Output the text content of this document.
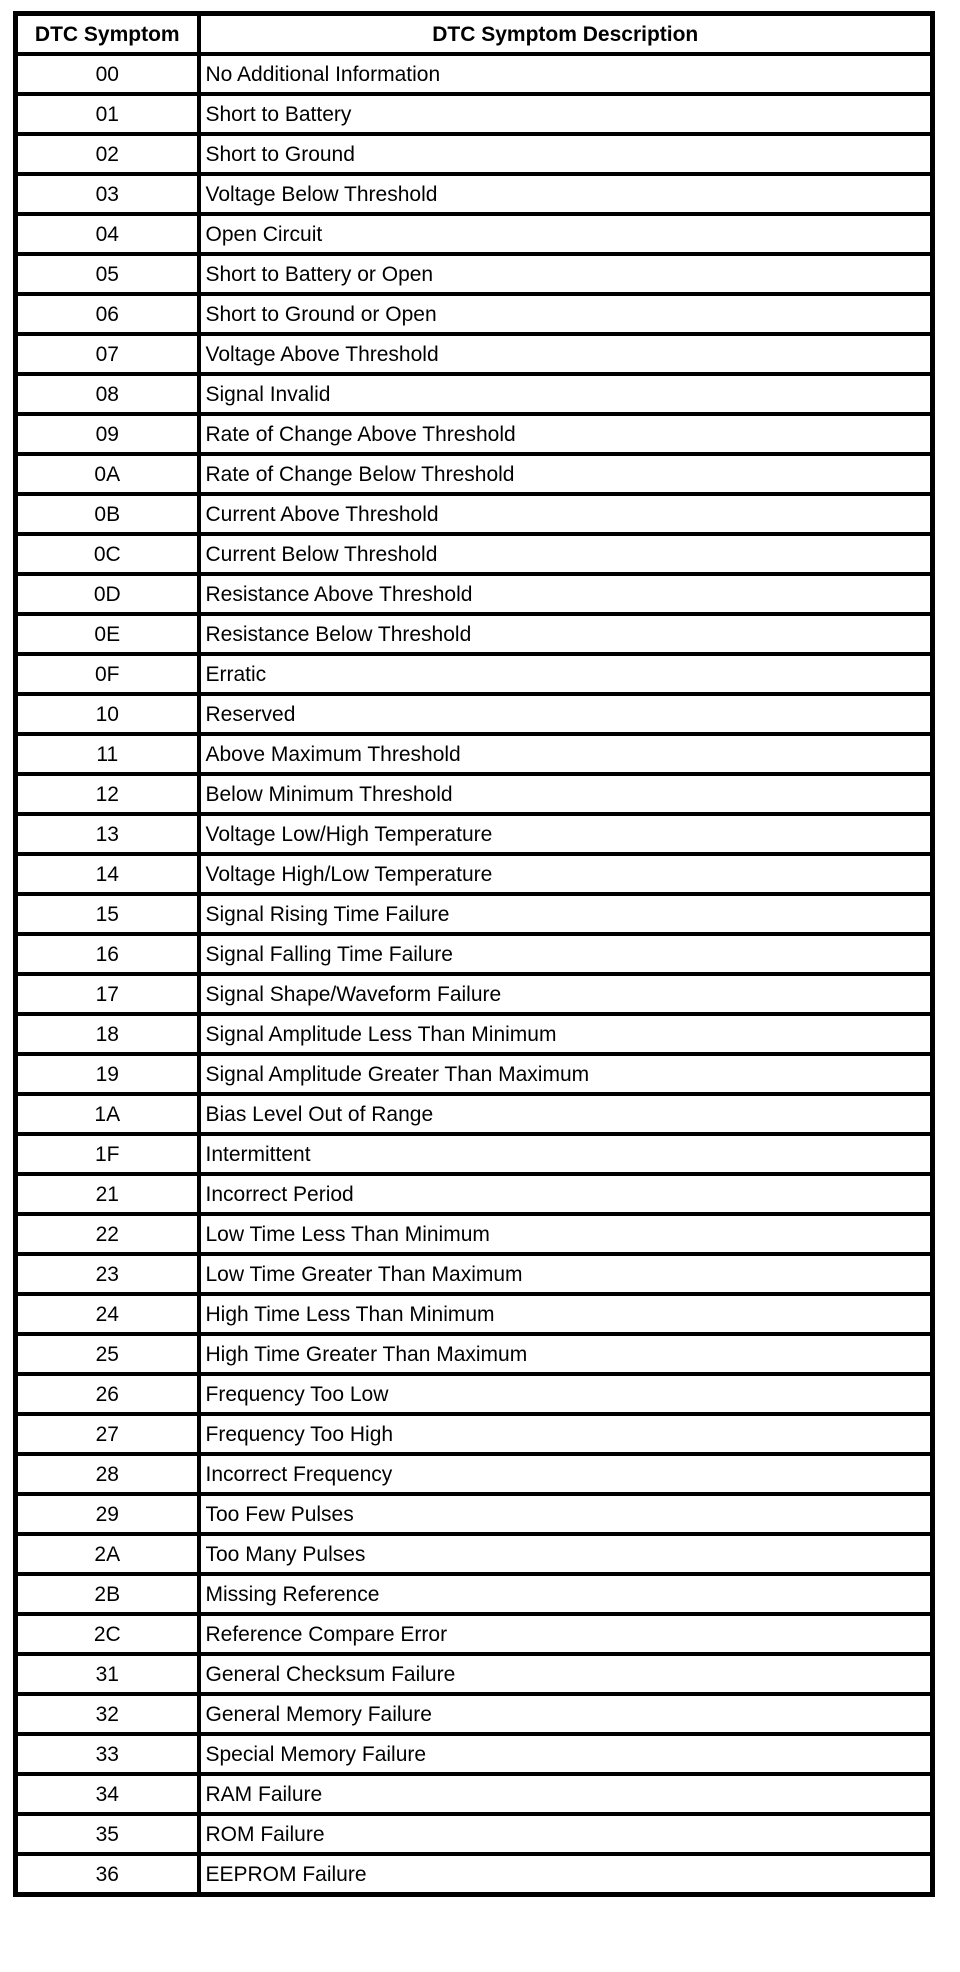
DTC Symptom	DTC Symptom Description
00	No Additional Information
01	Short to Battery
02	Short to Ground
03	Voltage Below Threshold
04	Open Circuit
05	Short to Battery or Open
06	Short to Ground or Open
07	Voltage Above Threshold
08	Signal Invalid
09	Rate of Change Above Threshold
0A	Rate of Change Below Threshold
0B	Current Above Threshold
0C	Current Below Threshold
0D	Resistance Above Threshold
0E	Resistance Below Threshold
0F	Erratic
10	Reserved
11	Above Maximum Threshold
12	Below Minimum Threshold
13	Voltage Low/High Temperature
14	Voltage High/Low Temperature
15	Signal Rising Time Failure
16	Signal Falling Time Failure
17	Signal Shape/Waveform Failure
18	Signal Amplitude Less Than Minimum
19	Signal Amplitude Greater Than Maximum
1A	Bias Level Out of Range
1F	Intermittent
21	Incorrect Period
22	Low Time Less Than Minimum
23	Low Time Greater Than Maximum
24	High Time Less Than Minimum
25	High Time Greater Than Maximum
26	Frequency Too Low
27	Frequency Too High
28	Incorrect Frequency
29	Too Few Pulses
2A	Too Many Pulses
2B	Missing Reference
2C	Reference Compare Error
31	General Checksum Failure
32	General Memory Failure
33	Special Memory Failure
34	RAM Failure
35	ROM Failure
36	EEPROM Failure
